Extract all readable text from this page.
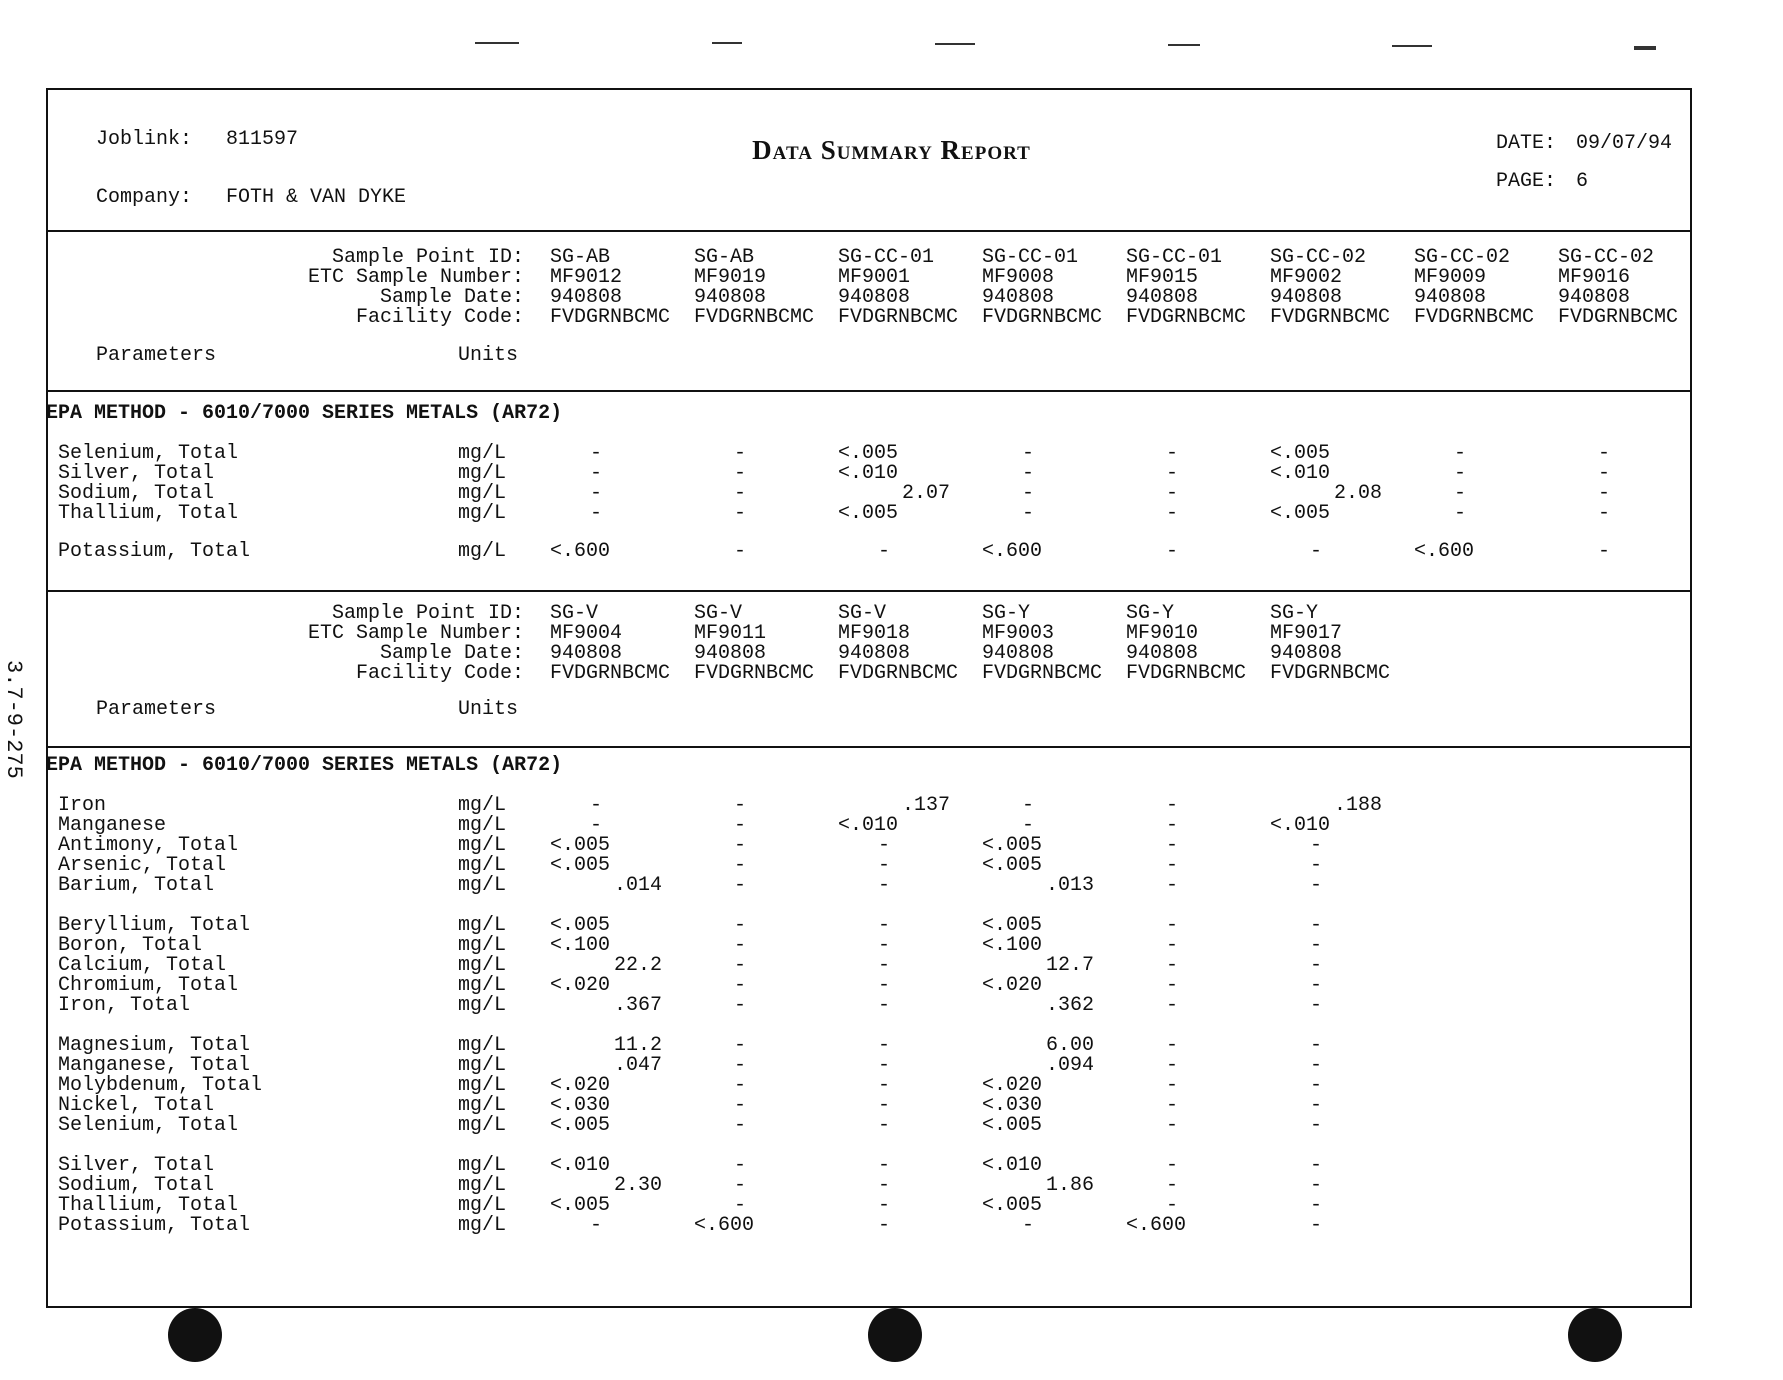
Joblink: 811597
Company: FOTH & VAN DYKE
Data Summary Report	DATE: 09/07/94
PAGE: 6
3.7-9-275
Sample Point ID: SG-AB	SG-AB	SG-CC-01 SG-CC-01 SG-CC-01 SG-CC-02 SG-CC-02 SG-CC-02
ETC Sample Number: MF9012	MF9019	MF9001	MF9008	MF9015	MF9002	MF9009	MF9016
Sample Date: 940808	940808	940808	940808	940808	940808	940808	940808
Facility Code: FVDGRNBCMC FVDGRNBCMC FVDGRNBCMC FVDGRNBCMC FVDGRNBCMC FVDGRNBCMC FVDGRNBCMC FVDGRNBCMC
Parameters	Units
EPA METHOD - 6010/7000 SERIES METALS (AR72)
Selenium, Total	mg/L	-	-	<.005	-	-	<.005	-	-
Silver, Total	mg/L	-	-	<.010	-	-	<.010	-	-
Sodium, Total	mg/L	-	-	2.07	-	-	2.08	-	-
Thallium, Total	mg/L	-	-	<.005	-	-	<.005	-	-
Potassium, Total	mg/L <.600	-	-	<.600	-	-	<.600	-
Sample Point ID: SG-V	SG-V	SG-V	SG-Y	SG-Y	SG-Y
ETC Sample Number: MF9004	MF9011	MF9018	MF9003	MF9010	MF9017
Sample Date: 940808	940808	940808	940808	940808	940808
Facility Code: FVDGRNBCMC FVDGRNBCMC FVDGRNBCMC FVDGRNBCMC FVDGRNBCMC FVDGRNBCMC
Parameters	Units
EPA METHOD - 6010/7000 SERIES METALS (AR72)
Iron	mg/L	-	-	.137	-	-	.188
Manganese	mg/L	-	-	<.010	-	-	<.010
Antimony, Total	mg/L <.005	-	-	<.005	-	-
Arsenic, Total	mg/L <.005	-	-	<.005	-	-
Barium, Total	mg/L	.014	-	-	.013	-	-
Beryllium, Total	mg/L <.005	-	-	<.005	-	-
Boron, Total	mg/L <.100	-	-	<.100	-	-
Calcium, Total	mg/L	22.2	-	-	12.7	-	-
Chromium, Total	mg/L <.020	-	-	<.020	-	-
Iron, Total	mg/L	.367	-	-	.362	-	-
Magnesium, Total	mg/L	11.2	-	-	6.00	-	-
Manganese, Total	mg/L	.047	-	-	.094	-	-
Molybdenum, Total	mg/L <.020	-	-	<.020	-	-
Nickel, Total	mg/L <.030	-	-	<.030	-	-
Selenium, Total	mg/L <.005	-	-	<.005	-	-
Silver, Total	mg/L <.010	-	-	<.010	-	-
Sodium, Total	mg/L	2.30	-	-	1.86	-	-
Thallium, Total	mg/L <.005	-	-	<.005	-	-
Potassium, Total	mg/L	-	<.600	-	-	<.600	-
